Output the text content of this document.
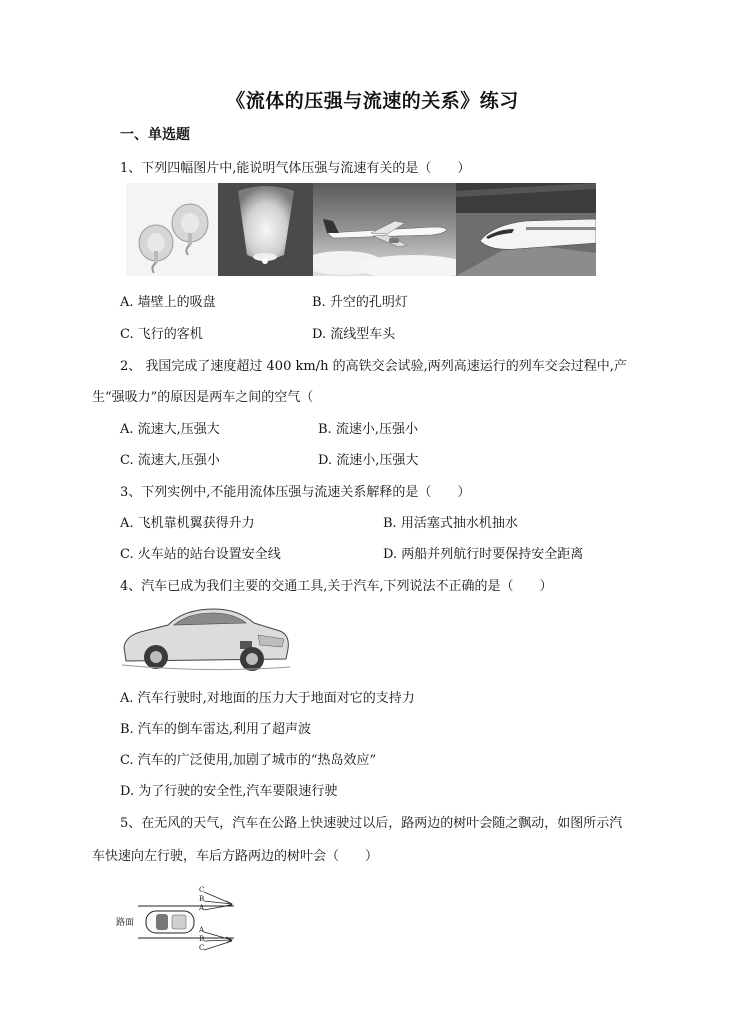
《流体的压强与流速的关系》练习
一、单选题
1、下列四幅图片中,能说明气体压强与流速有关的是（　　）
A. 墙壁上的吸盘	B. 升空的孔明灯
C. 飞行的客机	D. 流线型车头
2、 我国完成了速度超过 400 km/h 的高铁交会试验,两列高速运行的列车交会过程中,产
生“强吸力”的原因是两车之间的空气（
A. 流速大,压强大	B. 流速小,压强小
C. 流速大,压强小	D. 流速小,压强大
3、下列实例中,不能用流体压强与流速关系解释的是（　　）
A. 飞机靠机翼获得升力	B. 用活塞式抽水机抽水
C. 火车站的站台设置安全线	D. 两船并列航行时要保持安全距离
4、汽车已成为我们主要的交通工具,关于汽车,下列说法不正确的是（　　）
A. 汽车行驶时,对地面的压力大于地面对它的支持力
B. 汽车的倒车雷达,利用了超声波
C. 汽车的广泛使用,加剧了城市的“热岛效应”
D. 为了行驶的安全性,汽车要限速行驶
5、在无风的天气，汽车在公路上快速驶过以后，路两边的树叶会随之飘动，如图所示汽
车快速向左行驶，车后方路两边的树叶会（　　）
路面
C
B
A
A
B
C
